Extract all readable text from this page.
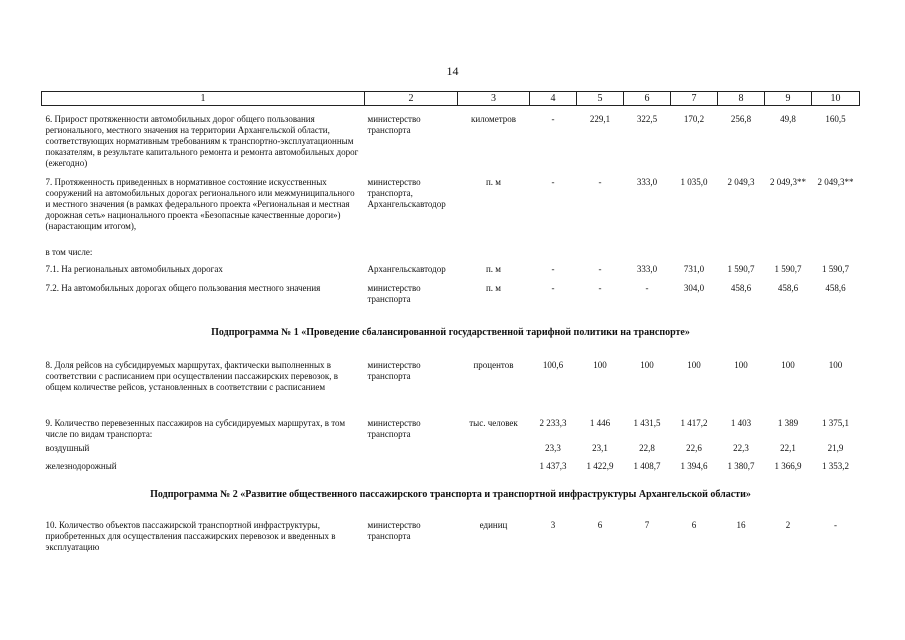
14
1	2	3	4	5	6	7	8	9	10
6. Прирост протяженности автомобильных дорог общего пользования регионального, местного значения на территории Архангельской области, соответствующих нормативным требованиям к транспортно-эксплуатационным показателям, в результате капитального ремонта и ремонта автомобильных дорог (ежегодно)	министерство транспорта	километров	-	229,1	322,5	170,2	256,8	49,8	160,5
7. Протяженность приведенных в нормативное состояние искусственных сооружений на автомобильных дорогах регионального или межмуниципального и местного значения (в рамках федерального проекта «Региональная и местная дорожная сеть» национального проекта «Безопасные качественные дороги») (нарастающим итогом),	министерство транспорта, Архангельскавтодор	п. м	-	-	333,0	1 035,0	2 049,3	2 049,3**	2 049,3**
в том числе:									
7.1. На региональных автомобильных дорогах	Архангельскавтодор	п. м	-	-	333,0	731,0	1 590,7	1 590,7	1 590,7
7.2. На автомобильных дорогах общего пользования местного значения	министерство транспорта	п. м	-	-	-	304,0	458,6	458,6	458,6
Подпрограмма № 1 «Проведение сбалансированной государственной тарифной политики на транспорте»									
8. Доля рейсов на субсидируемых маршрутах, фактически выполненных в соответствии с расписанием при осуществлении пассажирских перевозок, в общем количестве рейсов, установленных в соответствии с расписанием	министерство транспорта	процентов	100,6	100	100	100	100	100	100
9. Количество перевезенных пассажиров на субсидируемых маршрутах, в том числе по видам транспорта:	министерство транспорта	тыс. человек	2 233,3	1 446	1 431,5	1 417,2	1 403	1 389	1 375,1
воздушный			23,3	23,1	22,8	22,6	22,3	22,1	21,9
железнодорожный			1 437,3	1 422,9	1 408,7	1 394,6	1 380,7	1 366,9	1 353,2
Подпрограмма № 2 «Развитие общественного пассажирского транспорта и транспортной инфраструктуры Архангельской области»									
10. Количество объектов пассажирской транспортной инфраструктуры, приобретенных для осуществления пассажирских перевозок и введенных в эксплуатацию	министерство транспорта	единиц	3	6	7	6	16	2	-
